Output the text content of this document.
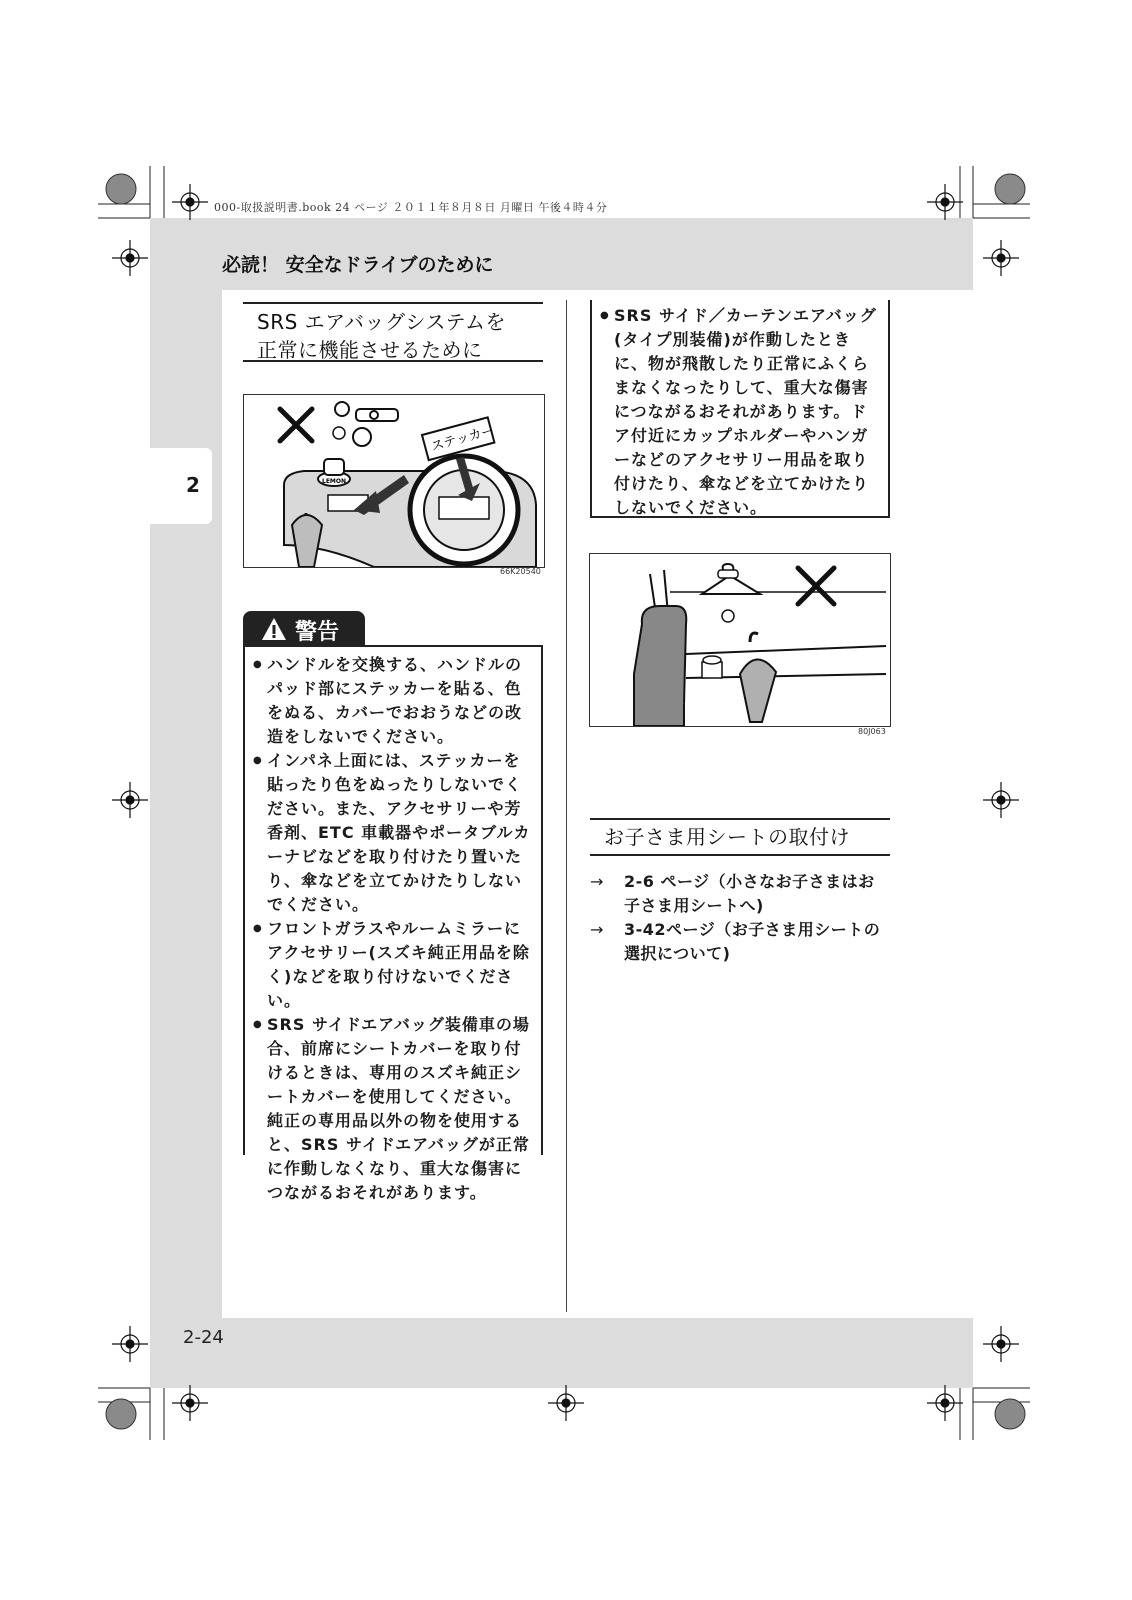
2
000-取扱説明書.book 24 ページ ２０１１年８月８日 月曜日 午後４時４分
必読！ 安全なドライブのために
2-24
SRS エアバッグシステムを
正常に機能させるために
ステッカー
LEMON
66K20540
警告
● ハンドルを交換する、ハンドルのパッド部にステッカーを貼る、色をぬる、カバーでおおうなどの改造をしないでください。
● インパネ上面には、ステッカーを貼ったり色をぬったりしないでください。また、アクセサリーや芳香剤、ETC 車載器やポータブルカーナビなどを取り付けたり置いたり、傘などを立てかけたりしないでください。
● フロントガラスやルームミラーにアクセサリー(スズキ純正用品を除く)などを取り付けないでください。
● SRS サイドエアバッグ装備車の場合、前席にシートカバーを取り付けるときは、専用のスズキ純正シートカバーを使用してください。純正の専用品以外の物を使用すると、SRS サイドエアバッグが正常に作動しなくなり、重大な傷害につながるおそれがあります。
● SRS サイド／カーテンエアバッグ(タイプ別装備)が作動したときに、物が飛散したり正常にふくらまなくなったりして、重大な傷害につながるおそれがあります。ドア付近にカップホルダーやハンガーなどのアクセサリー用品を取り付けたり、傘などを立てかけたりしないでください。
80J063
お子さま用シートの取付け
→	2-6 ページ（小さなお子さまはお子さま用シートへ)
→	3-42ページ（お子さま用シートの選択について)
